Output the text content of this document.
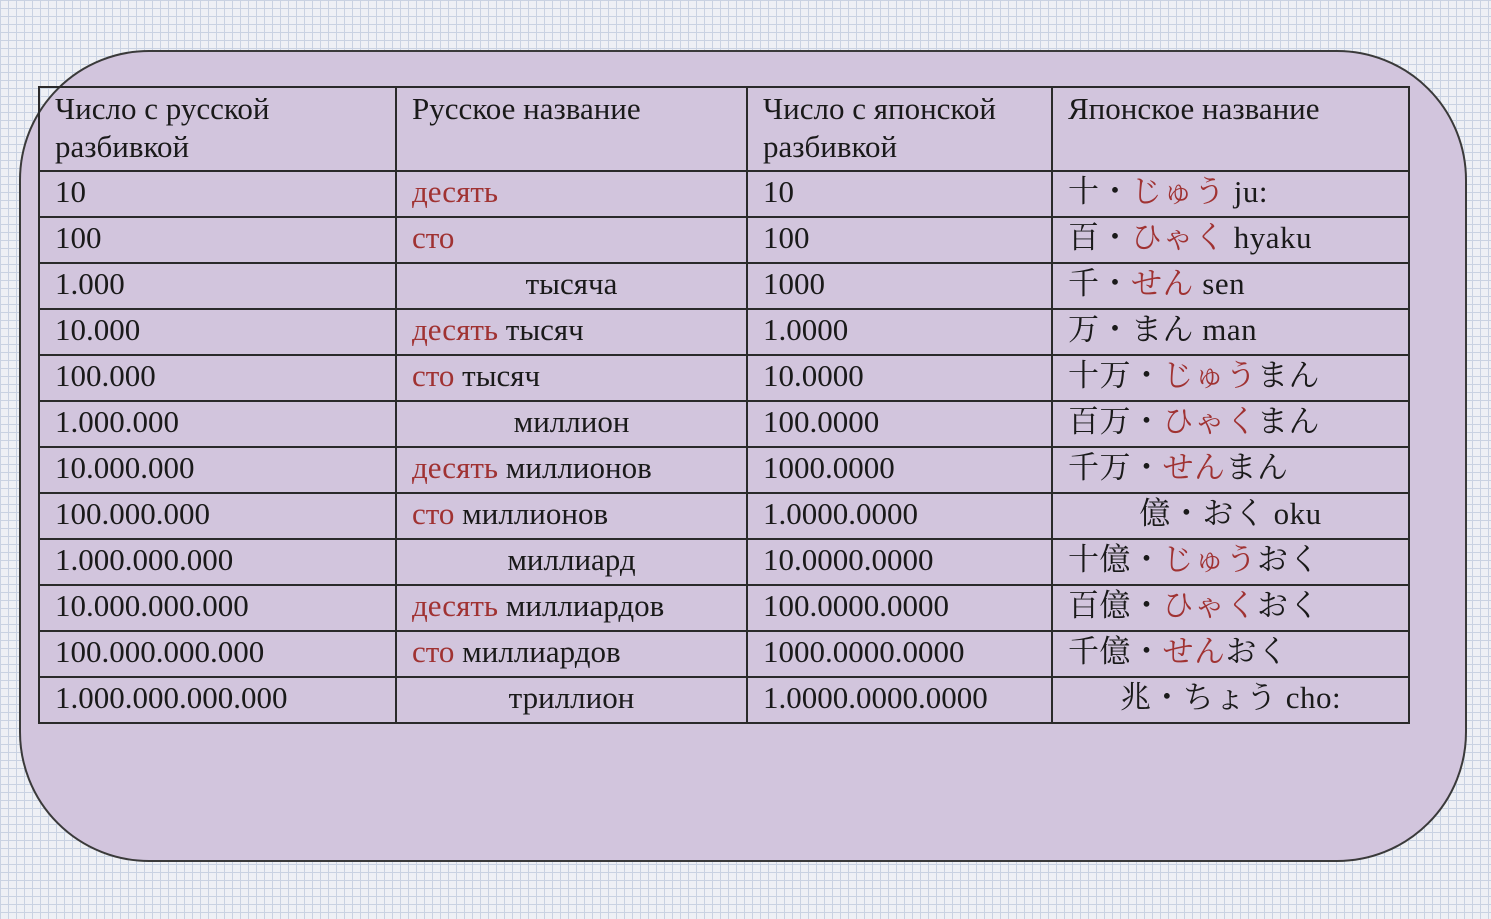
Число с русской разбивкой	Русское название	Число с японской разбивкой	Японское название
10	десять	10	十・じゅう ju:
100	сто	100	百・ひゃく hyaku
1.000	тысяча	1000	千・せん sen
10.000	десять тысяч	1.0000	万・まん man
100.000	сто тысяч	10.0000	十万・じゅうまん
1.000.000	миллион	100.0000	百万・ひゃくまん
10.000.000	десять миллионов	1000.0000	千万・せんまん
100.000.000	сто миллионов	1.0000.0000	億・おく oku

1.000.000.000	миллиард	10.0000.0000	十億・じゅうおく
10.000.000.000	десять миллиардов	100.0000.0000	百億・ひゃくおく
100.000.000.000	сто миллиардов	1000.0000.0000	千億・せんおく
1.000.000.000.000	триллион	1.0000.0000.0000	兆・ちょう cho:
